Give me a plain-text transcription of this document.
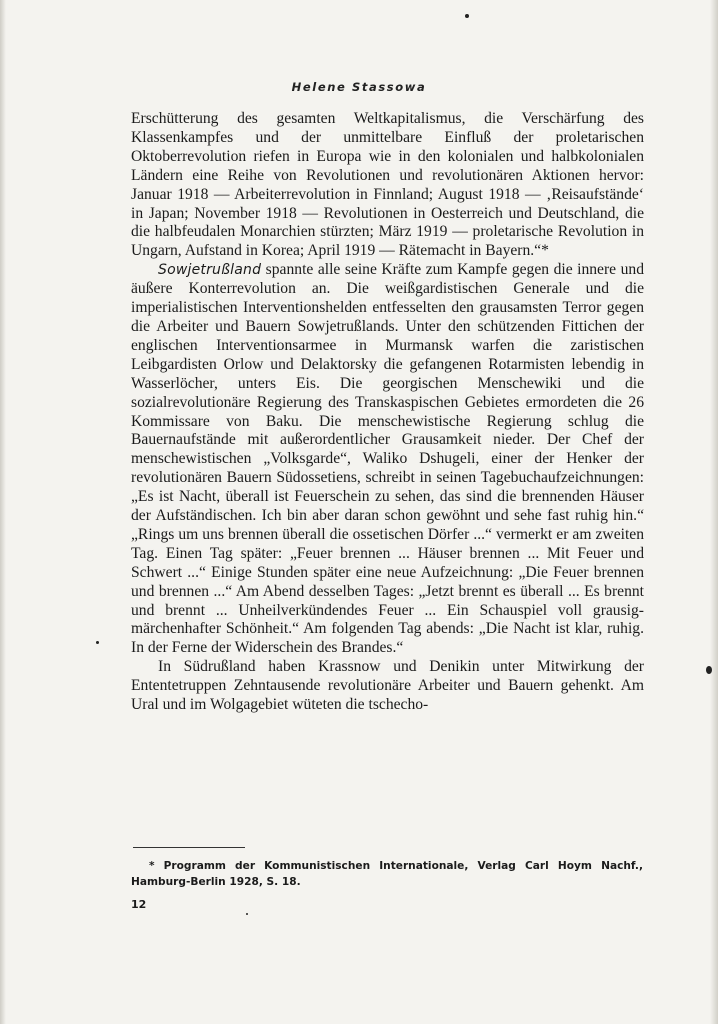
Helene Stassowa

Erschütterung des gesamten Weltkapitalismus, die Verschärfung des Klassenkampfes und der unmittelbare Einfluß der proletarischen Oktoberrevolution riefen in Europa wie in den kolonialen und halbkolonialen Ländern eine Reihe von Revolutionen und revolutionären Aktionen hervor: Januar 1918 — Arbeiterrevolution in Finnland; August 1918 — ‚Reisaufstände‘ in Japan; November 1918 — Revolutionen in Oesterreich und Deutschland, die die halbfeudalen Monarchien stürzten; März 1919 — proletarische Revolution in Ungarn, Aufstand in Korea; April 1919 — Rätemacht in Bayern.“*

Sowjetrußland spannte alle seine Kräfte zum Kampfe gegen die innere und äußere Konterrevolution an. Die weißgardistischen Generale und die imperialistischen Interventionshelden entfesselten den grausamsten Terror gegen die Arbeiter und Bauern Sowjetrußlands. Unter den schützenden Fittichen der englischen Interventionsarmee in Murmansk warfen die zaristischen Leibgardisten Orlow und Delaktorsky die gefangenen Rotarmisten lebendig in Wasserlöcher, unters Eis. Die georgischen Menschewiki und die sozialrevolutionäre Regierung des Transkaspischen Gebietes ermordeten die 26 Kommissare von Baku. Die menschewistische Regierung schlug die Bauernaufstände mit außerordentlicher Grausamkeit nieder. Der Chef der menschewistischen „Volksgarde“, Waliko Dshugeli, einer der Henker der revolutionären Bauern Südossetiens, schreibt in seinen Tagebuchaufzeichnungen: „Es ist Nacht, überall ist Feuerschein zu sehen, das sind die brennenden Häuser der Aufständischen. Ich bin aber daran schon gewöhnt und sehe fast ruhig hin.“ „Rings um uns brennen überall die ossetischen Dörfer ...“ vermerkt er am zweiten Tag. Einen Tag später: „Feuer brennen ... Häuser brennen ... Mit Feuer und Schwert ...“ Einige Stunden später eine neue Aufzeichnung: „Die Feuer brennen und brennen ...“ Am Abend desselben Tages: „Jetzt brennt es überall ... Es brennt und brennt ... Unheilverkündendes Feuer ... Ein Schauspiel voll grausig-märchenhafter Schönheit.“ Am folgenden Tag abends: „Die Nacht ist klar, ruhig. In der Ferne der Widerschein des Brandes.“

In Südrußland haben Krassnow und Denikin unter Mitwirkung der Ententetruppen Zehntausende revolutionäre Arbeiter und Bauern gehenkt. Am Ural und im Wolgagebiet wüteten die tschecho-

* Programm der Kommunistischen Internationale, Verlag Carl Hoym Nachf., Hamburg-Berlin 1928, S. 18.

12
